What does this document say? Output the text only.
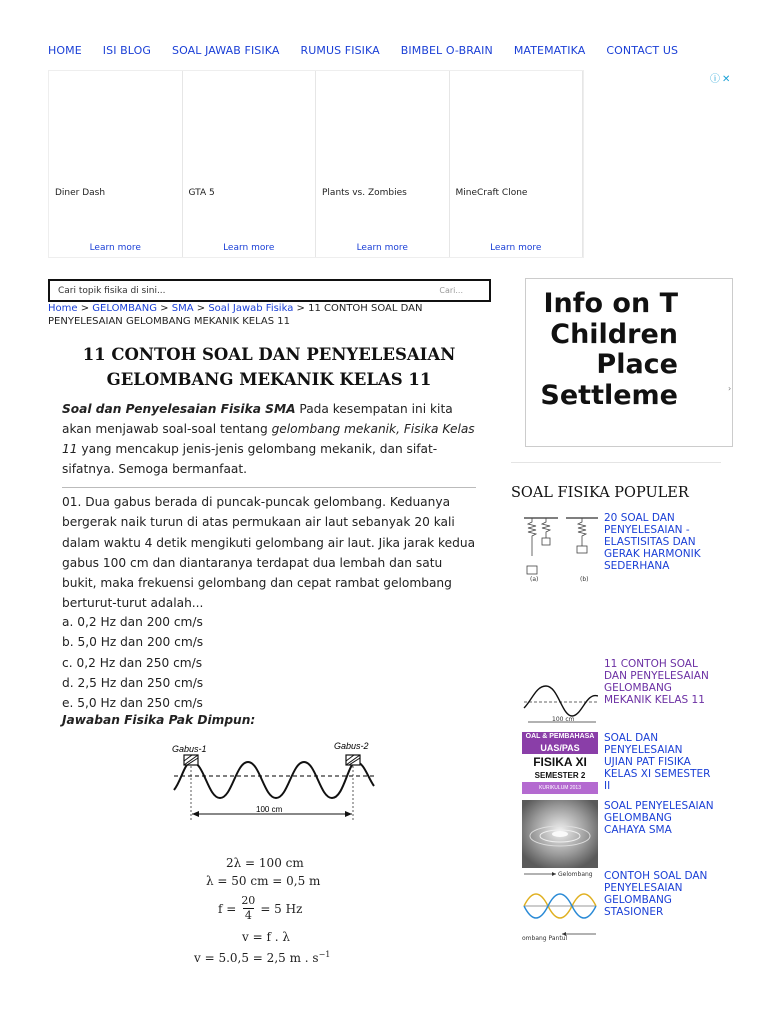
HOME ISI BLOG SOAL JAWAB FISIKA RUMUS FISIKA BIMBEL O-BRAIN MATEMATIKA CONTACT US
Diner Dash
Learn more
GTA 5
Learn more
Plants vs. Zombies
Learn more
MineCraft Clone
Learn more
ⓘ ✕
Cari topik fisika di sini...	Cari...
Home > GELOMBANG > SMA > Soal Jawab Fisika > 11 CONTOH SOAL DAN PENYELESAIAN GELOMBANG MEKANIK KELAS 11
11 CONTOH SOAL DAN PENYELESAIAN GELOMBANG MEKANIK KELAS 11

Soal dan Penyelesaian Fisika SMA Pada kesempatan ini kita akan menjawab soal-soal tentang gelombang mekanik, Fisika Kelas 11 yang mencakup jenis-jenis gelombang mekanik, dan sifat-sifatnya. Semoga bermanfaat.

01. Dua gabus berada di puncak-puncak gelombang. Keduanya bergerak naik turun di atas permukaan air laut sebanyak 20 kali dalam waktu 4 detik mengikuti gelombang air laut. Jika jarak kedua gabus 100 cm dan diantaranya terdapat dua lembah dan satu bukit, maka frekuensi gelombang dan cepat rambat gelombang berturut-turut adalah...

a. 0,2 Hz dan 200 cm/s
b. 5,0 Hz dan 200 cm/s
c. 0,2 Hz dan 250 cm/s
d. 2,5 Hz dan 250 cm/s
e. 5,0 Hz dan 250 cm/s
Jawaban Fisika Pak Dimpun:
Gabus-1	Gabus-2
100 cm
2λ = 100 cm
λ = 50 cm = 0,5 m
$f = \frac{20}{4} = 5$ Hz
v = f . λ
v = 5.0,5 = 2,5 m . $s^{-1}$
Info on T
Children
Place
Settleme	›
SOAL FISIKA POPULER
(a)	(b)
20 SOAL DAN PENYELESAIAN - ELASTISITAS DAN GERAK HARMONIK SEDERHANA
100 cm
11 CONTOH SOAL DAN PENYELESAIAN GELOMBANG MEKANIK KELAS 11
OAL & PEMBAHASA
UAS/PAS
FISIKA XI
SEMESTER 2
KURIKULUM 2013
SOAL DAN PENYELESAIAN UJIAN PAT FISIKA KELAS XI SEMESTER II
Gelombang
SOAL PENYELESAIAN GELOMBANG CAHAYA SMA
ombang Pantul
CONTOH SOAL DAN PENYELESAIAN GELOMBANG STASIONER
